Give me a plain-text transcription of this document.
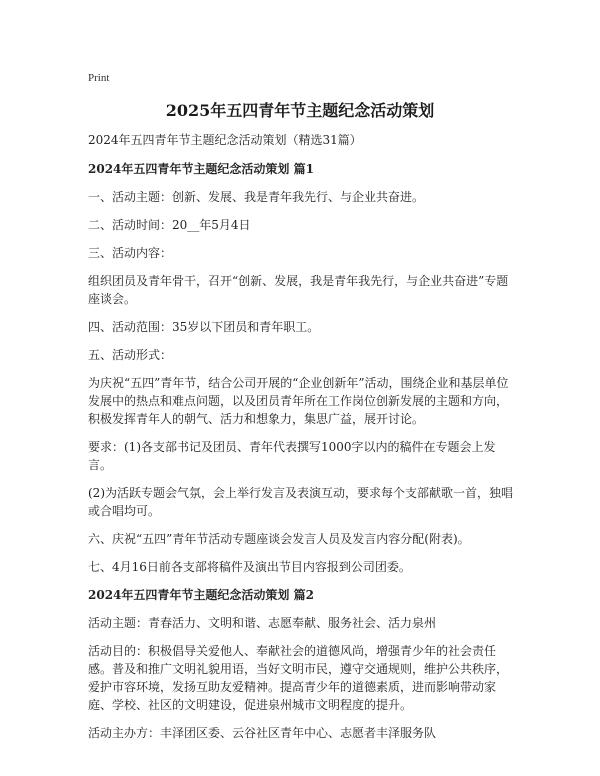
Print
2025年五四青年节主题纪念活动策划

2024年五四青年节主题纪念活动策划（精选31篇）

2024年五四青年节主题纪念活动策划 篇1

一、活动主题：创新、发展、我是青年我先行、与企业共奋进。

二、活动时间：20__年5月4日

三、活动内容：

组织团员及青年骨干，召开“创新、发展，我是青年我先行，与企业共奋进”专题座谈会。

四、活动范围：35岁以下团员和青年职工。

五、活动形式：

为庆祝“五四”青年节，结合公司开展的“企业创新年”活动，围绕企业和基层单位发展中的热点和难点问题，以及团员青年所在工作岗位创新发展的主题和方向，积极发挥青年人的朝气、活力和想象力，集思广益，展开讨论。

要求：(1)各支部书记及团员、青年代表撰写1000字以内的稿件在专题会上发言。

(2)为活跃专题会气氛，会上举行发言及表演互动，要求每个支部献歌一首，独唱或合唱均可。

六、庆祝“五四”青年节活动专题座谈会发言人员及发言内容分配(附表)。

七、4月16日前各支部将稿件及演出节目内容报到公司团委。

2024年五四青年节主题纪念活动策划 篇2

活动主题：青春活力、文明和谐、志愿奉献、服务社会、活力泉州

活动目的：积极倡导关爱他人、奉献社会的道德风尚，增强青少年的社会责任感。普及和推广文明礼貌用语，当好文明市民，遵守交通规则，维护公共秩序，爱护市容环境，发扬互助友爱精神。提高青少年的道德素质，进而影响带动家庭、学校、社区的文明建设，促进泉州城市文明程度的提升。

活动主办方：丰泽团区委、云谷社区青年中心、志愿者丰泽服务队
